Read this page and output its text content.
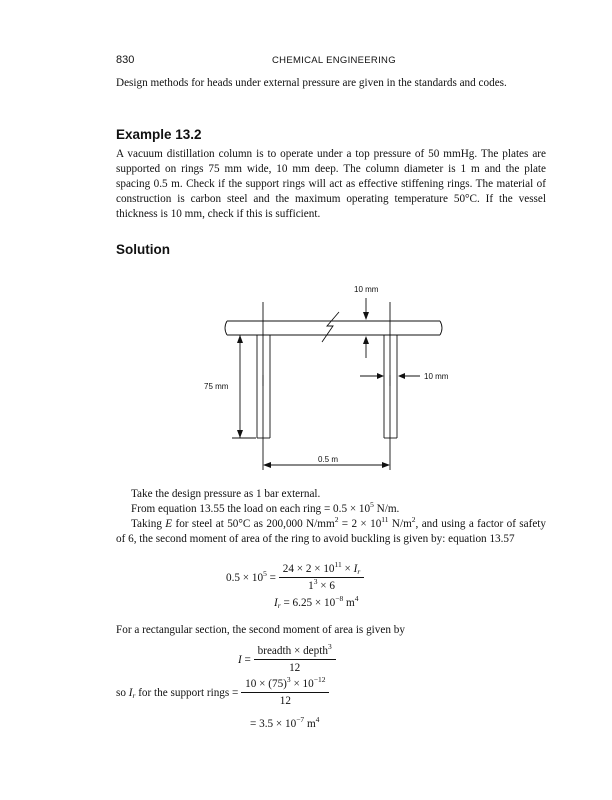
830	CHEMICAL ENGINEERING
Design methods for heads under external pressure are given in the standards and codes.
Example 13.2
A vacuum distillation column is to operate under a top pressure of 50 mmHg. The plates are supported on rings 75 mm wide, 10 mm deep. The column diameter is 1 m and the plate spacing 0.5 m. Check if the support rings will act as effective stiffening rings. The material of construction is carbon steel and the maximum operating temperature 50°C. If the vessel thickness is 10 mm, check if this is sufficient.
Solution
10 mm
10 mm
75 mm
0.5 m
Take the design pressure as 1 bar external.
From equation 13.55 the load on each ring = $0.5 \times 10^5$ N/m.
Taking E for steel at 50°C as 200,000 $N/mm^2 = 2 \times 10^{11}$ $N/m^2$, and using a factor of safety of 6, the second moment of area of the ring to avoid buckling is given by: equation 13.57
$0.5 \times 10^5 = \frac{24 \times 2 \times 10^{11} \times I_r}{1^3 \times 6}$
$I_r = 6.25 \times 10^{-8}$ $m^4$
For a rectangular section, the second moment of area is given by
$I = \frac{breadth \times depth^3}{12}$
so $I_r$ for the support rings = $\frac{10 \times (75)^3 \times 10^{-12}}{12}$
= $3.5 \times 10^{-7}$ $m^4$
